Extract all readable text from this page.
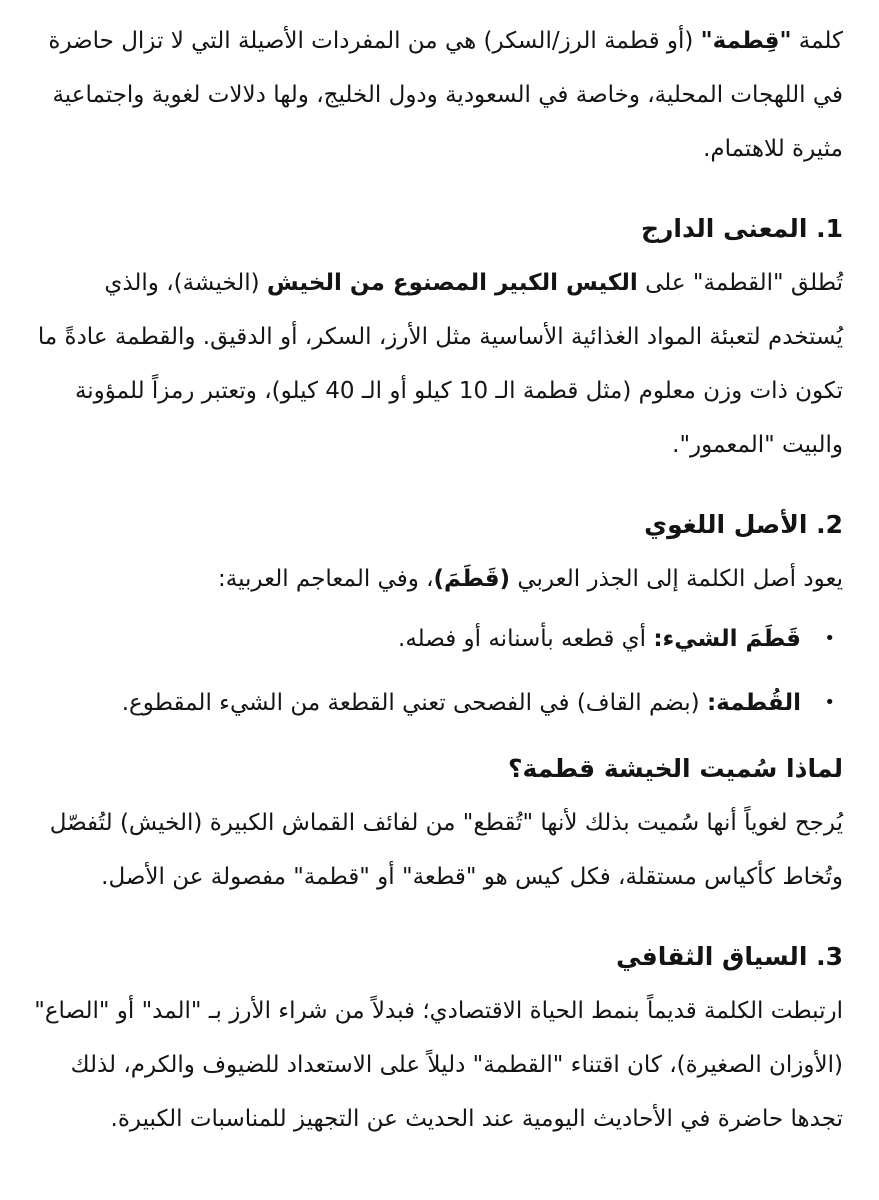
كلمة "قِطمة" (أو قطمة الرز/السكر) هي من المفردات الأصيلة التي لا تزال حاضرة في اللهجات المحلية، وخاصة في السعودية ودول الخليج، ولها دلالات لغوية واجتماعية مثيرة للاهتمام.

1. المعنى الدارج

تُطلق "القطمة" على الكيس الكبير المصنوع من الخيش (الخيشة)، والذي يُستخدم لتعبئة المواد الغذائية الأساسية مثل الأرز، السكر، أو الدقيق. والقطمة عادةً ما تكون ذات وزن معلوم (مثل قطمة الـ 10 كيلو أو الـ 40 كيلو)، وتعتبر رمزاً للمؤونة والبيت "المعمور".

2. الأصل اللغوي

يعود أصل الكلمة إلى الجذر العربي (قَطَمَ)، وفي المعاجم العربية:

•
قَطَمَ الشيء: أي قطعه بأسنانه أو فصله.
•
القُطمة: (بضم القاف) في الفصحى تعني القطعة من الشيء المقطوع.
لماذا سُميت الخيشة قطمة؟

يُرجح لغوياً أنها سُميت بذلك لأنها "تُقطع" من لفائف القماش الكبيرة (الخيش) لتُفصّل وتُخاط كأكياس مستقلة، فكل كيس هو "قطعة" أو "قطمة" مفصولة عن الأصل.

3. السياق الثقافي

ارتبطت الكلمة قديماً بنمط الحياة الاقتصادي؛ فبدلاً من شراء الأرز بـ "المد" أو "الصاع" (الأوزان الصغيرة)، كان اقتناء "القطمة" دليلاً على الاستعداد للضيوف والكرم، لذلك تجدها حاضرة في الأحاديث اليومية عند الحديث عن التجهيز للمناسبات الكبيرة.
